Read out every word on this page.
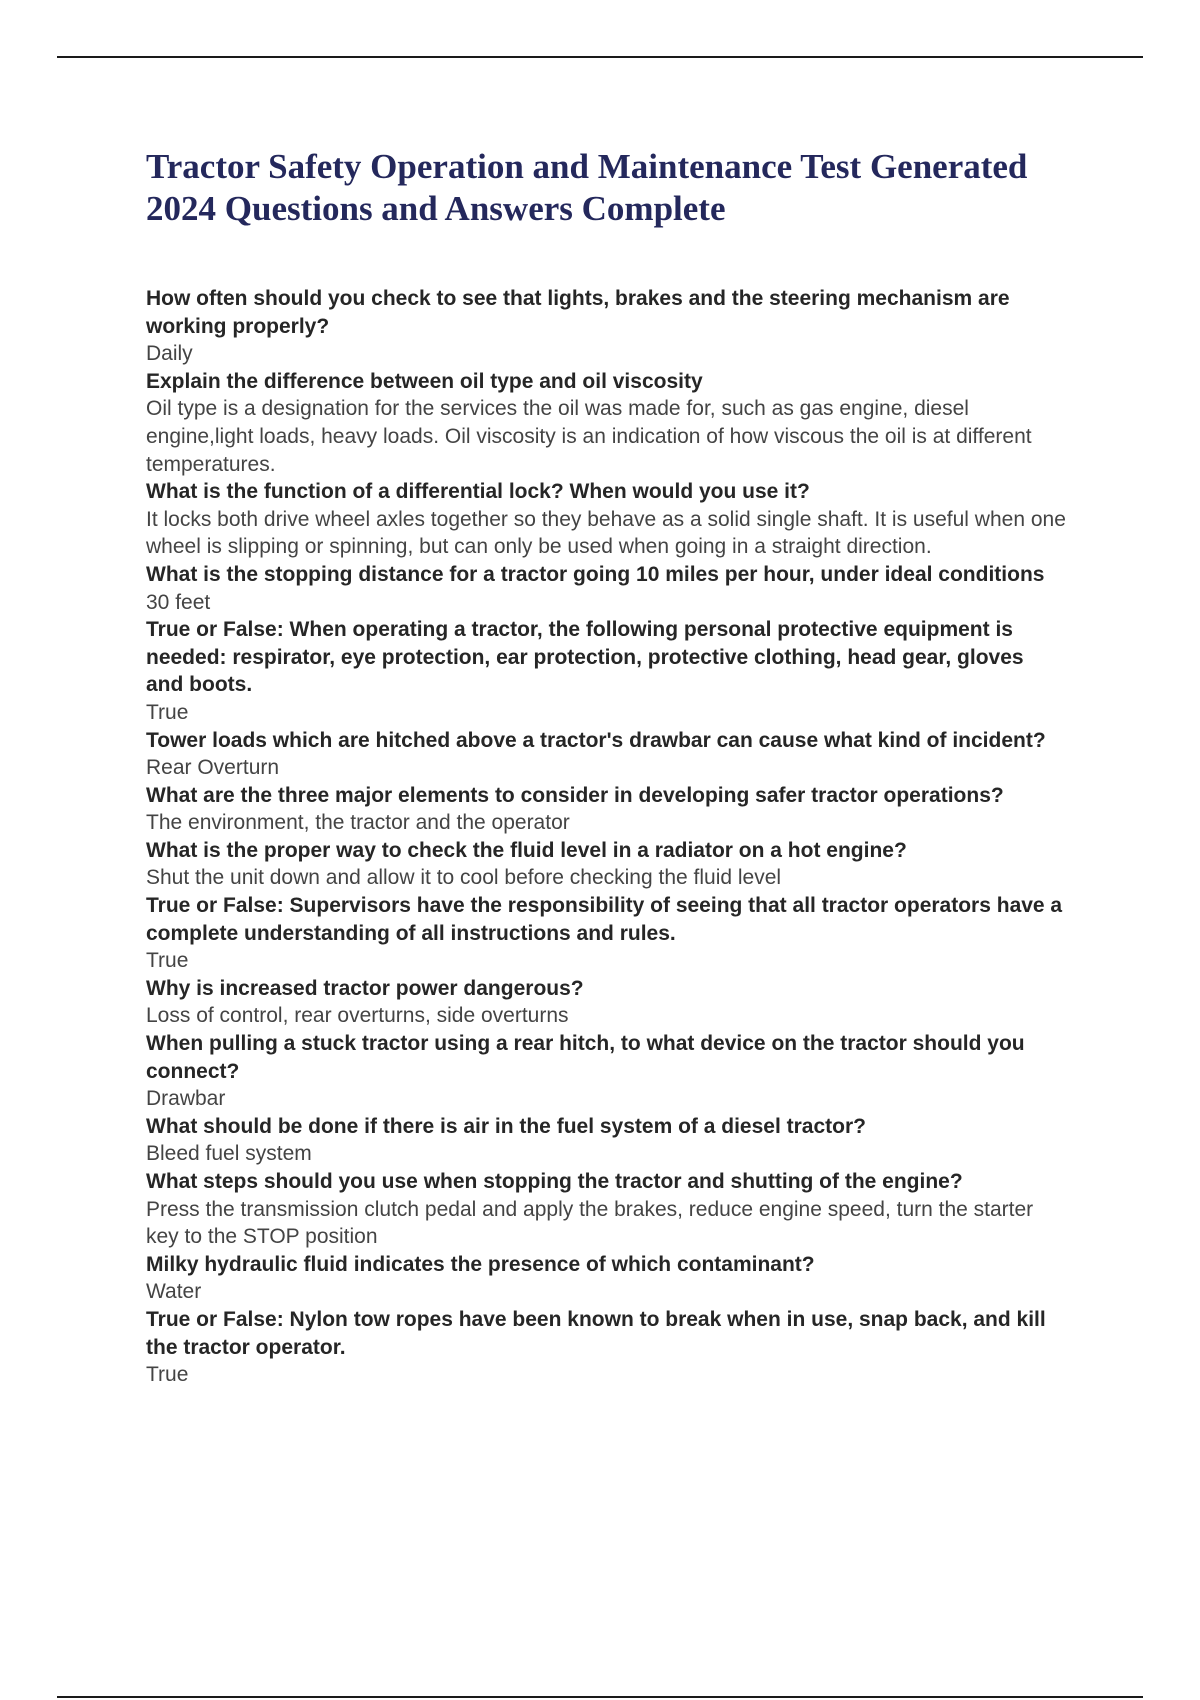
Tractor Safety Operation and Maintenance Test Generated 2024 Questions and Answers Complete

How often should you check to see that lights, brakes and the steering mechanism are working properly?

Daily

Explain the difference between oil type and oil viscosity

Oil type is a designation for the services the oil was made for, such as gas engine, diesel engine,light loads, heavy loads. Oil viscosity is an indication of how viscous the oil is at different temperatures.

What is the function of a differential lock? When would you use it?

It locks both drive wheel axles together so they behave as a solid single shaft. It is useful when one wheel is slipping or spinning, but can only be used when going in a straight direction.

What is the stopping distance for a tractor going 10 miles per hour, under ideal conditions

30 feet

True or False: When operating a tractor, the following personal protective equipment is needed: respirator, eye protection, ear protection, protective clothing, head gear, gloves and boots.

True

Tower loads which are hitched above a tractor's drawbar can cause what kind of incident?

Rear Overturn

What are the three major elements to consider in developing safer tractor operations?

The environment, the tractor and the operator

What is the proper way to check the fluid level in a radiator on a hot engine?

Shut the unit down and allow it to cool before checking the fluid level

True or False: Supervisors have the responsibility of seeing that all tractor operators have a complete understanding of all instructions and rules.

True

Why is increased tractor power dangerous?

Loss of control, rear overturns, side overturns

When pulling a stuck tractor using a rear hitch, to what device on the tractor should you connect?

Drawbar

What should be done if there is air in the fuel system of a diesel tractor?

Bleed fuel system

What steps should you use when stopping the tractor and shutting of the engine?

Press the transmission clutch pedal and apply the brakes, reduce engine speed, turn the starter key to the STOP position

Milky hydraulic fluid indicates the presence of which contaminant?

Water

True or False: Nylon tow ropes have been known to break when in use, snap back, and kill the tractor operator.

True
